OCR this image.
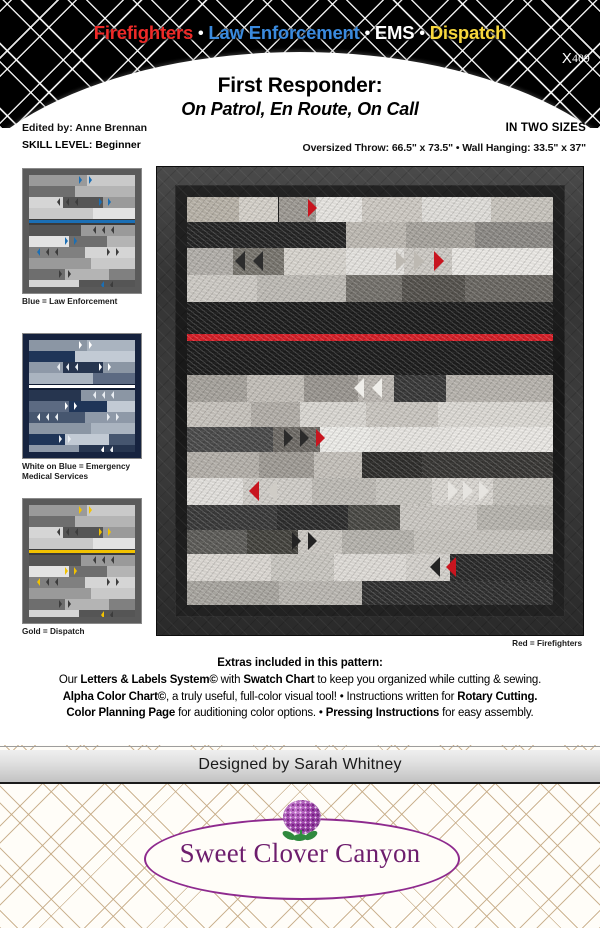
Firefighters • Law Enforcement • EMS • Dispatch
X409
First Responder:
On Patrol, En Route, On Call
Edited by: Anne Brennan
SKILL LEVEL: Beginner
IN TWO SIZES
Oversized Throw: 66.5" x 73.5" • Wall Hanging: 33.5" x 37"
Blue = Law Enforcement
White on Blue = Emergency Medical Services
Gold = Dispatch
Red = Firefighters
Extras included in this pattern:
Our Letters & Labels System© with Swatch Chart to keep you organized while cutting & sewing.
Alpha Color Chart©, a truly useful, full-color visual tool! • Instructions written for Rotary Cutting.
Color Planning Page for auditioning color options. • Pressing Instructions for easy assembly.
Designed by Sarah Whitney
Sweet Clover Canyon
